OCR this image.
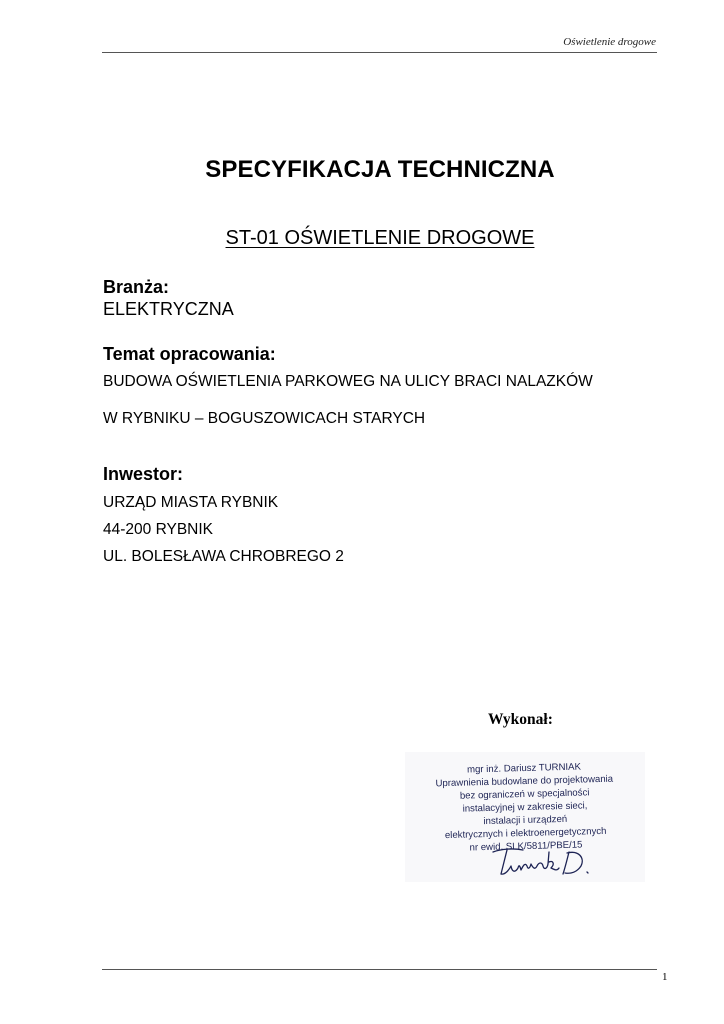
Oświetlenie drogowe
SPECYFIKACJA TECHNICZNA
ST-01 OŚWIETLENIE DROGOWE
Branża:
ELEKTRYCZNA
Temat opracowania:
BUDOWA OŚWIETLENIA PARKOWEG NA ULICY BRACI NALAZKÓW
W RYBNIKU – BOGUSZOWICACH STARYCH
Inwestor:
URZĄD MIASTA RYBNIK
44-200 RYBNIK
UL. BOLESŁAWA CHROBREGO 2
Wykonał:
mgr inż. Dariusz TURNIAK
Uprawnienia budowlane do projektowania
bez ograniczeń w specjalności
instalacyjnej w zakresie sieci,
instalacji i urządzeń
elektrycznych i elektroenergetycznych
nr ewid. SLK/5811/PBE/15
1
